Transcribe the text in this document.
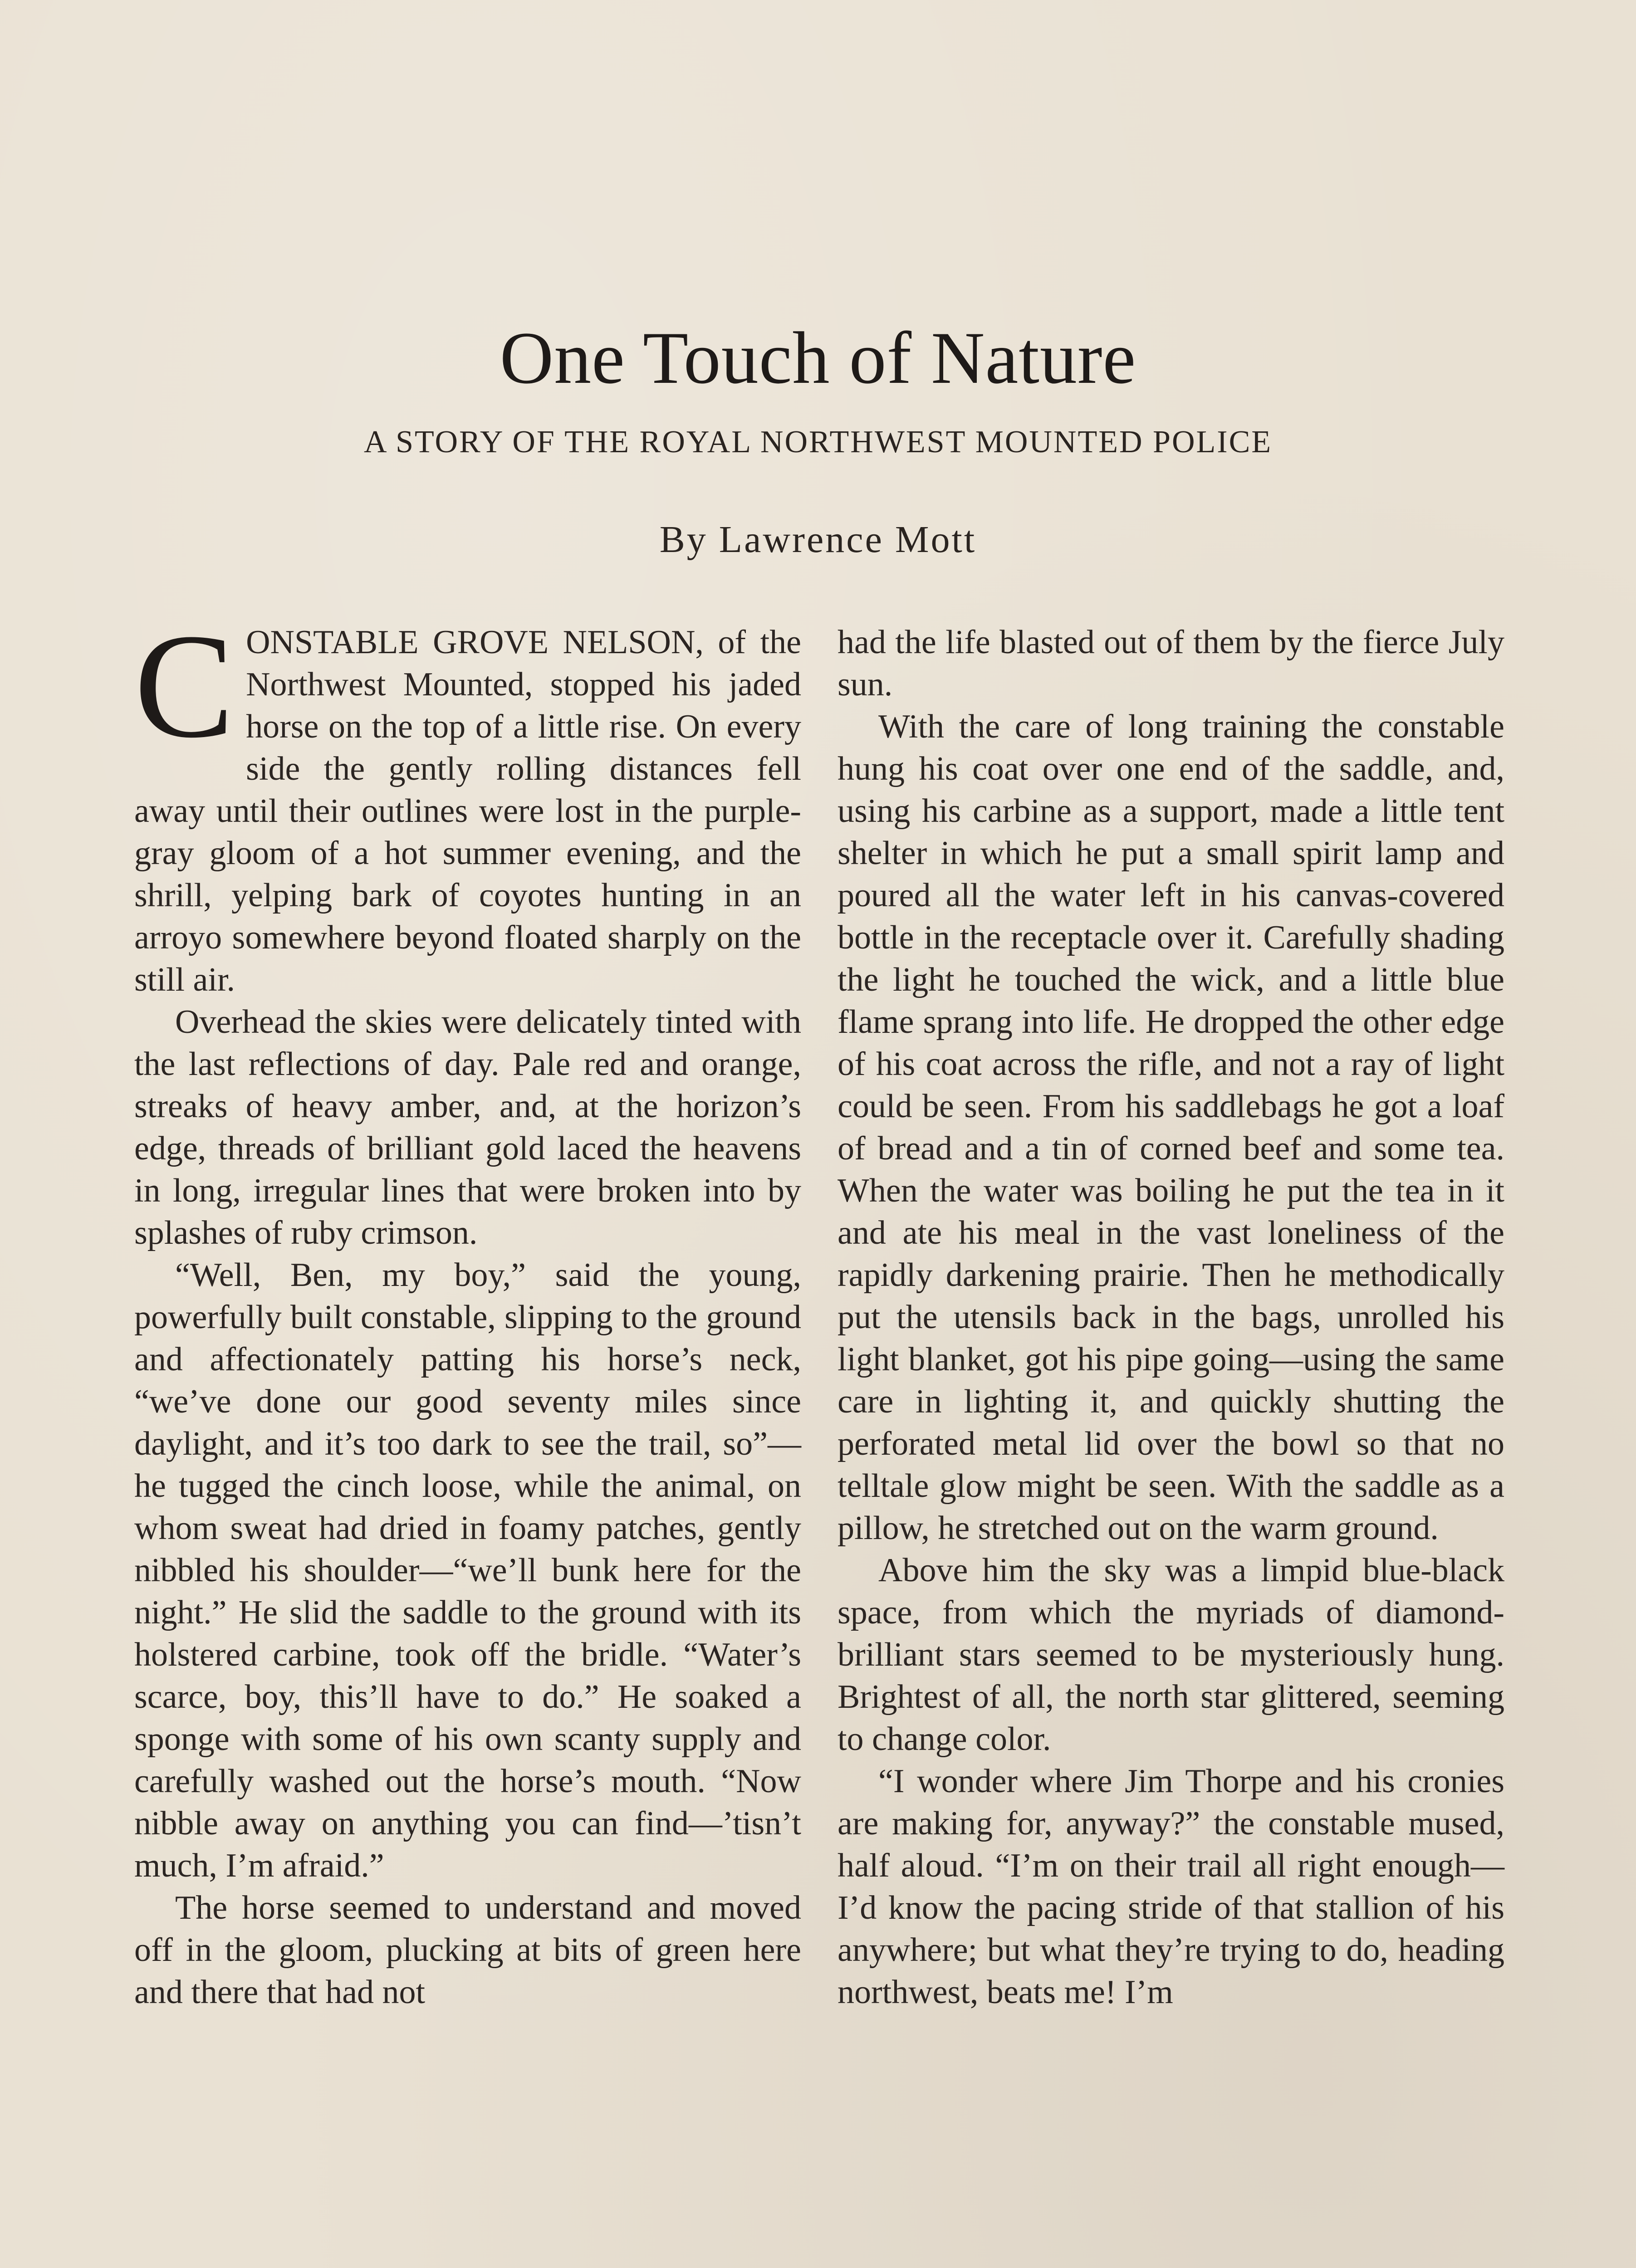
One Touch of Nature
A STORY OF THE ROYAL NORTHWEST MOUNTED POLICE
By Lawrence Mott

CONSTABLE GROVE NELSON, of the Northwest Mounted, stopped his jaded horse on the top of a little rise. On every side the gently rolling distances fell away until their outlines were lost in the purple-gray gloom of a hot summer evening, and the shrill, yelping bark of coyotes hunting in an arroyo somewhere beyond floated sharply on the still air.

Overhead the skies were delicately tinted with the last reflections of day. Pale red and orange, streaks of heavy amber, and, at the horizon’s edge, threads of brilliant gold laced the heavens in long, irregular lines that were broken into by splashes of ruby crimson.

“Well, Ben, my boy,” said the young, powerfully built constable, slipping to the ground and affectionately patting his horse’s neck, “we’ve done our good seventy miles since daylight, and it’s too dark to see the trail, so”—he tugged the cinch loose, while the animal, on whom sweat had dried in foamy patches, gently nibbled his shoulder—“we’ll bunk here for the night.” He slid the saddle to the ground with its holstered carbine, took off the bridle. “Water’s scarce, boy, this’ll have to do.” He soaked a sponge with some of his own scanty supply and carefully washed out the horse’s mouth. “Now nibble away on anything you can find—’tisn’t much, I’m afraid.”

The horse seemed to understand and moved off in the gloom, plucking at bits of green here and there that had not

had the life blasted out of them by the fierce July sun.

With the care of long training the constable hung his coat over one end of the saddle, and, using his carbine as a support, made a little tent shelter in which he put a small spirit lamp and poured all the water left in his canvas-covered bottle in the receptacle over it. Carefully shading the light he touched the wick, and a little blue flame sprang into life. He dropped the other edge of his coat across the rifle, and not a ray of light could be seen. From his saddlebags he got a loaf of bread and a tin of corned beef and some tea. When the water was boiling he put the tea in it and ate his meal in the vast loneliness of the rapidly darkening prairie. Then he methodically put the utensils back in the bags, unrolled his light blanket, got his pipe going—using the same care in lighting it, and quickly shutting the perforated metal lid over the bowl so that no telltale glow might be seen. With the saddle as a pillow, he stretched out on the warm ground.

Above him the sky was a limpid blue-black space, from which the myriads of diamond-brilliant stars seemed to be mysteriously hung. Brightest of all, the north star glittered, seeming to change color.

“I wonder where Jim Thorpe and his cronies are making for, anyway?” the constable mused, half aloud. “I’m on their trail all right enough—I’d know the pacing stride of that stallion of his anywhere; but what they’re trying to do, heading northwest, beats me! I’m
